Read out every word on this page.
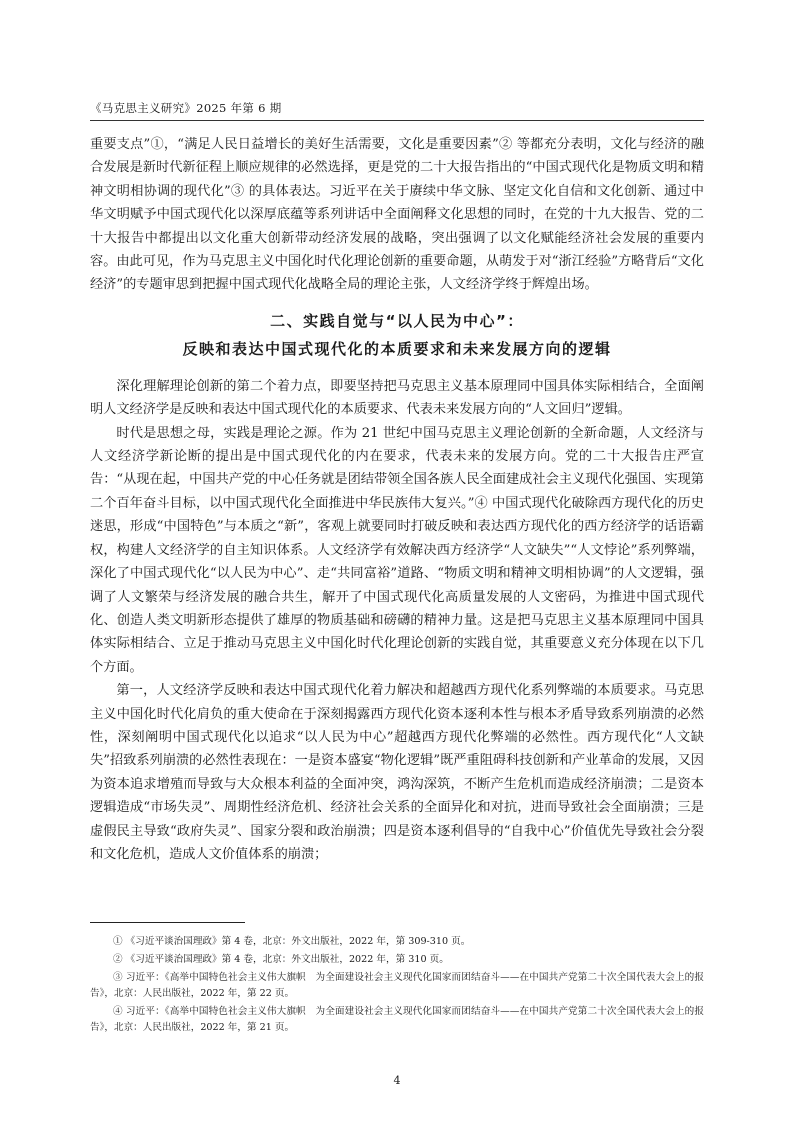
《马克思主义研究》2025 年第 6 期

重要支点”①，“满足人民日益增长的美好生活需要，文化是重要因素”② 等都充分表明，文化与经济的融合发展是新时代新征程上顺应规律的必然选择，更是党的二十大报告指出的“中国式现代化是物质文明和精神文明相协调的现代化”③ 的具体表达。习近平在关于赓续中华文脉、坚定文化自信和文化创新、通过中华文明赋予中国式现代化以深厚底蕴等系列讲话中全面阐释文化思想的同时，在党的十九大报告、党的二十大报告中都提出以文化重大创新带动经济发展的战略，突出强调了以文化赋能经济社会发展的重要内容。由此可见，作为马克思主义中国化时代化理论创新的重要命题，从萌发于对“浙江经验”方略背后“文化经济”的专题审思到把握中国式现代化战略全局的理论主张，人文经济学终于辉煌出场。

二、实践自觉与“以人民为中心”：
反映和表达中国式现代化的本质要求和未来发展方向的逻辑

深化理解理论创新的第二个着力点，即要坚持把马克思主义基本原理同中国具体实际相结合，全面阐明人文经济学是反映和表达中国式现代化的本质要求、代表未来发展方向的“人文回归”逻辑。

时代是思想之母，实践是理论之源。作为 21 世纪中国马克思主义理论创新的全新命题，人文经济与人文经济学新论断的提出是中国式现代化的内在要求，代表未来的发展方向。党的二十大报告庄严宣告：“从现在起，中国共产党的中心任务就是团结带领全国各族人民全面建成社会主义现代化强国、实现第二个百年奋斗目标，以中国式现代化全面推进中华民族伟大复兴。”④ 中国式现代化破除西方现代化的历史迷思，形成“中国特色”与本质之“新”，客观上就要同时打破反映和表达西方现代化的西方经济学的话语霸权，构建人文经济学的自主知识体系。人文经济学有效解决西方经济学“人文缺失”“人文悖论”系列弊端，深化了中国式现代化“以人民为中心”、走“共同富裕”道路、“物质文明和精神文明相协调”的人文逻辑，强调了人文繁荣与经济发展的融合共生，解开了中国式现代化高质量发展的人文密码，为推进中国式现代化、创造人类文明新形态提供了雄厚的物质基础和磅礴的精神力量。这是把马克思主义基本原理同中国具体实际相结合、立足于推动马克思主义中国化时代化理论创新的实践自觉，其重要意义充分体现在以下几个方面。

第一，人文经济学反映和表达中国式现代化着力解决和超越西方现代化系列弊端的本质要求。马克思主义中国化时代化肩负的重大使命在于深刻揭露西方现代化资本逐利本性与根本矛盾导致系列崩溃的必然性，深刻阐明中国式现代化以追求“以人民为中心”超越西方现代化弊端的必然性。西方现代化“人文缺失”招致系列崩溃的必然性表现在：一是资本盛宴“物化逻辑”既严重阻碍科技创新和产业革命的发展，又因为资本追求增殖而导致与大众根本利益的全面冲突，鸿沟深筑，不断产生危机而造成经济崩溃；二是资本逻辑造成“市场失灵”、周期性经济危机、经济社会关系的全面异化和对抗，进而导致社会全面崩溃；三是虚假民主导致“政府失灵”、国家分裂和政治崩溃；四是资本逐利倡导的“自我中心”价值优先导致社会分裂和文化危机，造成人文价值体系的崩溃；

① 《习近平谈治国理政》第 4 卷，北京：外文出版社，2022 年，第 309-310 页。

② 《习近平谈治国理政》第 4 卷，北京：外文出版社，2022 年，第 310 页。

③ 习近平：《高举中国特色社会主义伟大旗帜　为全面建设社会主义现代化国家而团结奋斗——在中国共产党第二十次全国代表大会上的报告》，北京：人民出版社，2022 年，第 22 页。

④ 习近平：《高举中国特色社会主义伟大旗帜　为全面建设社会主义现代化国家而团结奋斗——在中国共产党第二十次全国代表大会上的报告》，北京：人民出版社，2022 年，第 21 页。

4
